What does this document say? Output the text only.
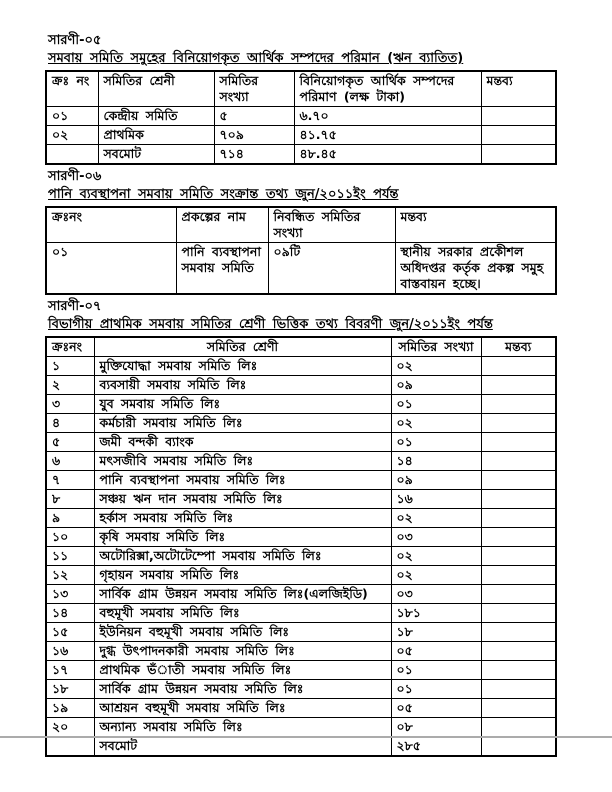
সারণী-০৫
সমবায় সমিতি সমুহের বিনিয়োগকৃত আর্থিক সম্পদের পরিমান (ঋন ব্যাতিত)
ক্রঃ নং	সমিতির শ্রেনী	সমিতির সংখ্যা	বিনিয়োগকৃত আর্থিক সম্পদের পরিমাণ (লক্ষ টাকা)	মন্তব্য
০১	কেন্দ্রীয় সমিতি	৫	৬.৭০	
০২	প্রাথমিক	৭০৯	৪১.৭৫	
	সবমোট	৭১৪	৪৮.৪৫	
সারণী-০৬
পানি ব্যবস্থাপনা সমবায় সমিতি সংক্রান্ত তথ্য জুন/২০১১ইং পর্যন্ত
ক্রঃনং	প্রকল্পের নাম	নিবন্ধিত সমিতির সংখ্যা	মন্তব্য
০১	পানি ব্যবস্থাপনা সমবায় সমিতি	০৯টি	স্থানীয় সরকার প্রকেীশল অধিদপ্তর কর্তৃক প্রকল্প সমুহ বাস্তবায়ন হচ্ছে।
সারণী-০৭
বিভাগীয় প্রাথমিক সমবায় সমিতির শ্রেণী ভিত্তিক তথ্য বিবরণী জুন/২০১১ইং পর্যন্ত
ক্রঃনং	সমিতির শ্রেণী	সমিতির সংখ্যা	মন্তব্য
১	মুক্তিযোদ্ধা সমবায় সমিতি লিঃ	০২	
২	ব্যবসায়ী সমবায় সমিতি লিঃ	০৯	
৩	যুব সমবায় সমিতি লিঃ	০১	
৪	কর্মচারী সমবায় সমিতি লিঃ	০২	
৫	জমী বন্দকী ব্যাংক	০১	
৬	মৎসজীবি সমবায় সমিতি লিঃ	১৪	
৭	পানি ব্যবস্থাপনা সমবায় সমিতি লিঃ	০৯	
৮	সঞ্চয় ঋন দান সমবায় সমিতি লিঃ	১৬	
৯	হর্কাস সমবায় সমিতি লিঃ	০২	
১০	কৃষি সমবায় সমিতি লিঃ	০৩	
১১	অটোরিক্সা,অটোটেম্পো সমবায় সমিতি লিঃ	০২	
১২	গৃহায়ন সমবায় সমিতি লিঃ	০২	
১৩	সার্বিক গ্রাম উন্নয়ন সমবায় সমিতি লিঃ(এলজিইডি)	০৩	
১৪	বহুমূখী সমবায় সমিতি লিঃ	১৮১	
১৫	ইউনিয়ন বহুমূখী সমবায় সমিতি লিঃ	১৮	
১৬	দুগ্ধ উৎপাদনকারী সমবায় সমিতি লিঃ	০৫	
১৭	প্রাথমিক ভঁাতী সমবায় সমিতি লিঃ	০১	
১৮	সার্বিক গ্রাম উন্নয়ন সমবায় সমিতি লিঃ	০১	
১৯	আশ্রয়ন বহুমূখী সমবায় সমিতি লিঃ	০৫	
২০	অন্যান্য সমবায় সমিতি লিঃ	০৮	
	সবমোট	২৮৫	
